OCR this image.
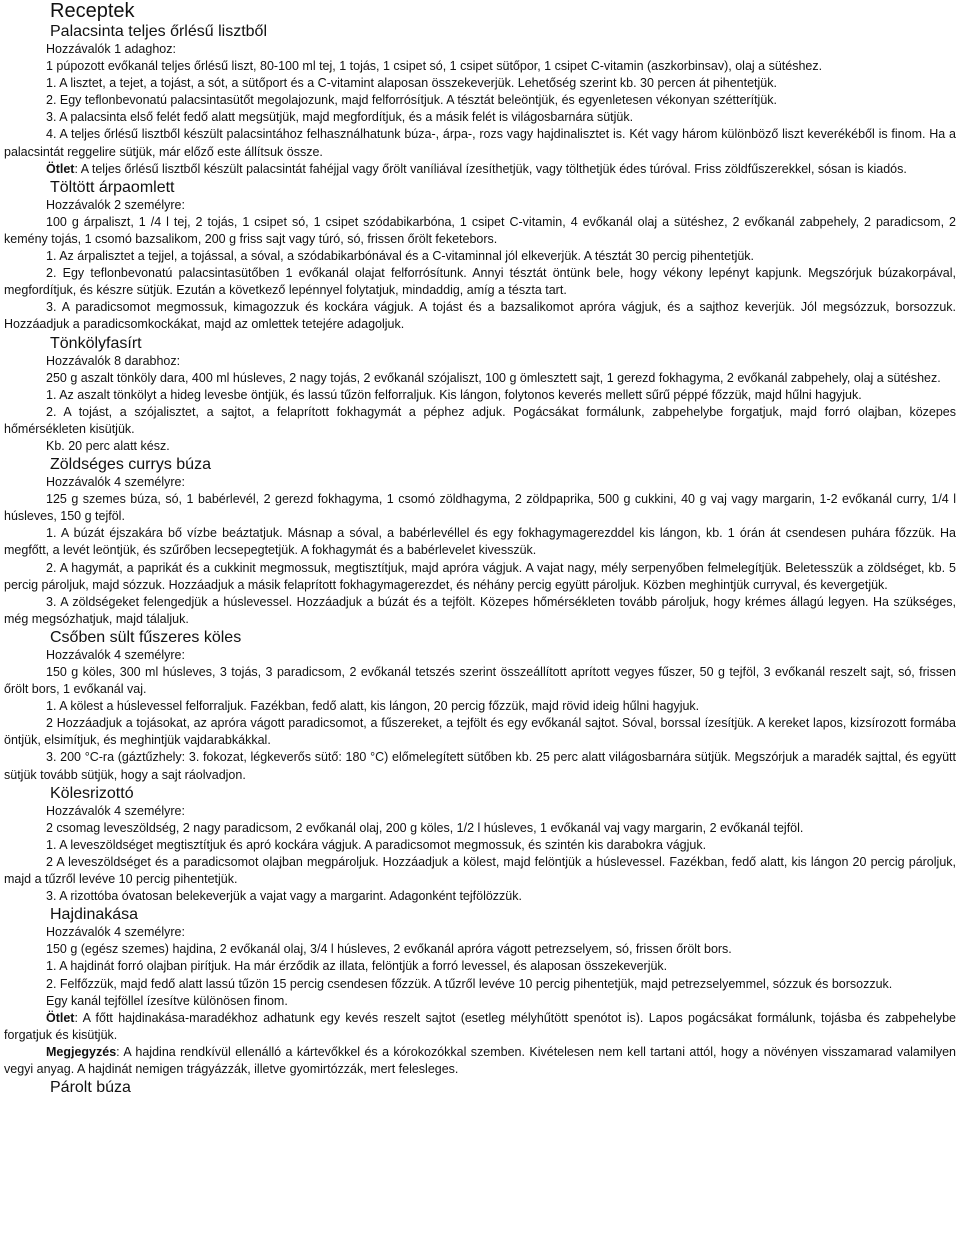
Receptek
Palacsinta teljes őrlésű lisztből

Hozzávalók 1 adaghoz:

1 púpozott evőkanál teljes őrlésű liszt, 80-100 ml tej, 1 tojás, 1 csipet só, 1 csipet sütőpor, 1 csipet C-vitamin (aszkorbinsav), olaj a sütéshez.

1. A lisztet, a tejet, a tojást, a sót, a sütőport és a C-vitamint alaposan összekeverjük. Lehetőség szerint kb. 30 percen át pihentetjük.

2. Egy teflonbevonatú palacsintasütőt megolajozunk, majd felforrósítjuk. A tésztát beleöntjük, és egyenletesen vékonyan szétterítjük.

3. A palacsinta első felét fedő alatt megsütjük, majd megfordítjuk, és a másik felét is világosbarnára sütjük.

4. A teljes őrlésű lisztből készült palacsintához felhasználhatunk búza-, árpa-, rozs vagy hajdinalisztet is. Két vagy három különböző liszt keverékéből is finom. Ha a palacsintát reggelire sütjük, már előző este állítsuk össze.

Ötlet: A teljes őrlésű lisztből készült palacsintát fahéjjal vagy őrölt vaníliával ízesíthetjük, vagy tölthetjük édes túróval. Friss zöldfűszerekkel, sósan is kiadós.

Töltött árpaomlett

Hozzávalók 2 személyre:

100 g árpaliszt, 1 /4 l tej, 2 tojás, 1 csipet só, 1 csipet szódabikarbóna, 1 csipet C-vitamin, 4 evőkanál olaj a sütéshez, 2 evőkanál zabpehely, 2 paradicsom, 2 kemény tojás, 1 csomó bazsalikom, 200 g friss sajt vagy túró, só, frissen őrölt feketebors.

1. Az árpalisztet a tejjel, a tojással, a sóval, a szódabikarbónával és a C-vitaminnal jól elkeverjük. A tésztát 30 percig pihentetjük.

2. Egy teflonbevonatú palacsintasütőben 1 evőkanál olajat felforrósítunk. Annyi tésztát öntünk bele, hogy vékony lepényt kapjunk. Megszórjuk búzakorpával, megfordítjuk, és készre sütjük. Ezután a következő lepénnyel folytatjuk, mindaddig, amíg a tészta tart.

3. A paradicsomot megmossuk, kimagozzuk és kockára vágjuk. A tojást és a bazsalikomot apróra vágjuk, és a sajthoz keverjük. Jól megsózzuk, borsozzuk. Hozzáadjuk a paradicsomkockákat, majd az omlettek tetejére adagoljuk.

Tönkölyfasírt

Hozzávalók 8 darabhoz:

250 g aszalt tönköly dara, 400 ml húsleves, 2 nagy tojás, 2 evőkanál szójaliszt, 100 g ömlesztett sajt, 1 gerezd fokhagyma, 2 evőkanál zabpehely, olaj a sütéshez.

1. Az aszalt tönkölyt a hideg levesbe öntjük, és lassú tűzön felforraljuk. Kis lángon, folytonos keverés mellett sűrű péppé főzzük, majd hűlni hagyjuk.

2. A tojást, a szójalisztet, a sajtot, a felaprított fokhagymát a péphez adjuk. Pogácsákat formálunk, zabpehelybe forgatjuk, majd forró olajban, közepes hőmérsékleten kisütjük.

Kb. 20 perc alatt kész.

Zöldséges currys búza

Hozzávalók 4 személyre:

125 g szemes búza, só, 1 babérlevél, 2 gerezd fokhagyma, 1 csomó zöldhagyma, 2 zöldpaprika, 500 g cukkini, 40 g vaj vagy margarin, 1-2 evőkanál curry, 1/4 l húsleves, 150 g tejföl.

1. A búzát éjszakára bő vízbe beáztatjuk. Másnap a sóval, a babérlevéllel és egy fokhagymagerezddel kis lángon, kb. 1 órán át csendesen puhára főzzük. Ha megfőtt, a levét leöntjük, és szűrőben lecsepegtetjük. A fokhagymát és a babérlevelet kivesszük.

2. A hagymát, a paprikát és a cukkinit megmossuk, megtisztítjuk, majd apróra vágjuk. A vajat nagy, mély serpenyőben felmelegítjük. Beletesszük a zöldséget, kb. 5 percig pároljuk, majd sózzuk. Hozzáadjuk a másik felaprított fokhagymagerezdet, és néhány percig együtt pároljuk. Közben meghintjük curryval, és kevergetjük.

3. A zöldségeket felengedjük a húslevessel. Hozzáadjuk a búzát és a tejfölt. Közepes hőmérsékleten tovább pároljuk, hogy krémes állagú legyen. Ha szükséges, még megsózhatjuk, majd tálaljuk.

Csőben sült fűszeres köles

Hozzávalók 4 személyre:

150 g köles, 300 ml húsleves, 3 tojás, 3 paradicsom, 2 evőkanál tetszés szerint összeállított aprított vegyes fűszer, 50 g tejföl, 3 evőkanál reszelt sajt, só, frissen őrölt bors, 1 evőkanál vaj.

1. A kölest a húslevessel felforraljuk. Fazékban, fedő alatt, kis lángon, 20 percig főzzük, majd rövid ideig hűlni hagyjuk.

2 Hozzáadjuk a tojásokat, az apróra vágott paradicsomot, a fűszereket, a tejfölt és egy evőkanál sajtot. Sóval, borssal ízesítjük. A kereket lapos, kizsírozott formába öntjük, elsimítjuk, és meghintjük vajdarabkákkal.

3. 200 °C-ra (gáztűzhely: 3. fokozat, légkeverős sütő: 180 °C) előmelegített sütőben kb. 25 perc alatt világosbarnára sütjük. Megszórjuk a maradék sajttal, és együtt sütjük tovább sütjük, hogy a sajt ráolvadjon.

Kölesrizottó

Hozzávalók 4 személyre:

2 csomag leveszöldség, 2 nagy paradicsom, 2 evőkanál olaj, 200 g köles, 1/2 l húsleves, 1 evőkanál vaj vagy margarin, 2 evőkanál tejföl.

1. A leveszöldséget megtisztítjuk és apró kockára vágjuk. A paradicsomot megmossuk, és szintén kis darabokra vágjuk.

2 A leveszöldséget és a paradicsomot olajban megpároljuk. Hozzáadjuk a kölest, majd felöntjük a húslevessel. Fazékban, fedő alatt, kis lángon 20 percig pároljuk, majd a tűzről levéve 10 percig pihentetjük.

3. A rizottóba óvatosan belekeverjük a vajat vagy a margarint. Adagonként tejfölözzük.

Hajdinakása

Hozzávalók 4 személyre:

150 g (egész szemes) hajdina, 2 evőkanál olaj, 3/4 l húsleves, 2 evőkanál apróra vágott petrezselyem, só, frissen őrölt bors.

1. A hajdinát forró olajban pirítjuk. Ha már érződik az illata, felöntjük a forró levessel, és alaposan összekeverjük.

2. Felfőzzük, majd fedő alatt lassú tűzön 15 percig csendesen főzzük. A tűzről levéve 10 percig pihentetjük, majd petrezselyemmel, sózzuk és borsozzuk.

Egy kanál tejföllel ízesítve különösen finom.

Ötlet: A főtt hajdinakása-maradékhoz adhatunk egy kevés reszelt sajtot (esetleg mélyhűtött spenótot is). Lapos pogácsákat formálunk, tojásba és zabpehelybe forgatjuk és kisütjük.

Megjegyzés: A hajdina rendkívül ellenálló a kártevőkkel és a kórokozókkal szemben. Kivételesen nem kell tartani attól, hogy a növényen visszamarad valamilyen vegyi anyag. A hajdinát nemigen trágyázzák, illetve gyomirtózzák, mert felesleges.

Párolt búza
